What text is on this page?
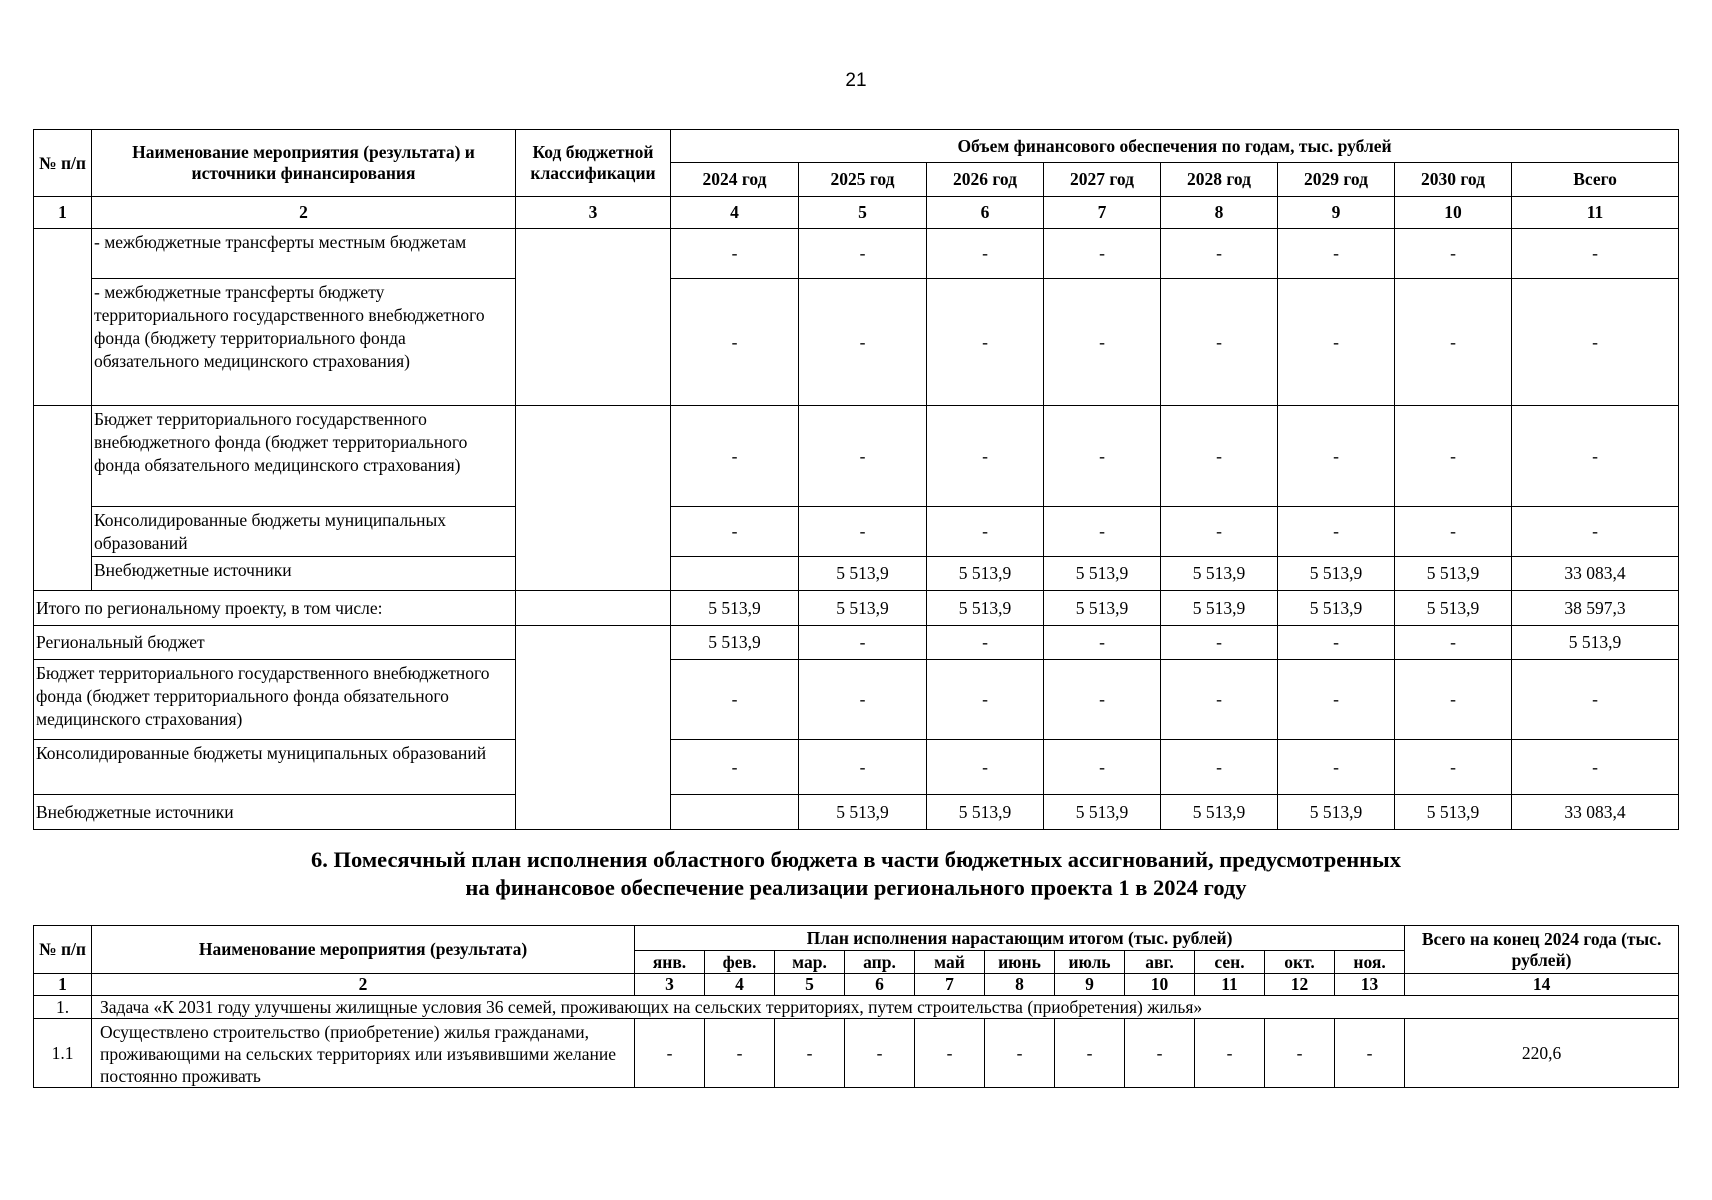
21
№ п/п	Наименование мероприятия (результата) и источники финансирования	Код бюджетной классификации	Объем финансового обеспечения по годам, тыс. рублей							
			2024 год	2025 год	2026 год	2027 год	2028 год	2029 год	2030 год	Всего
1	2	3	4	5	6	7	8	9	10	11
	- межбюджетные трансферты местным бюджетам		-	-	-	-	-	-	-	-
	- межбюджетные трансферты бюджету территориального государственного внебюджетного фонда (бюджету территориального фонда обязательного медицинского страхования)		-	-	-	-	-	-	-	-
	Бюджет территориального государственного внебюджетного фонда (бюджет территориального фонда обязательного медицинского страхования)		-	-	-	-	-	-	-	-
	Консолидированные бюджеты муниципальных образований		-	-	-	-	-	-	-	-
	Внебюджетные источники			5 513,9	5 513,9	5 513,9	5 513,9	5 513,9	5 513,9	33 083,4
Итого по региональному проекту, в том числе:			5 513,9	5 513,9	5 513,9	5 513,9	5 513,9	5 513,9	5 513,9	38 597,3
Региональный бюджет			5 513,9	-	-	-	-	-	-	5 513,9
Бюджет территориального государственного внебюджетного фонда (бюджет территориального фонда обязательного медицинского страхования)			-	-	-	-	-	-	-	-
Консолидированные бюджеты муниципальных образований			-	-	-	-	-	-	-	-
Внебюджетные источники				5 513,9	5 513,9	5 513,9	5 513,9	5 513,9	5 513,9	33 083,4
6. Помесячный план исполнения областного бюджета в части бюджетных ассигнований, предусмотренных
на финансовое обеспечение реализации регионального проекта 1 в 2024 году
№ п/п	Наименование мероприятия (результата)	План исполнения нарастающим итогом (тыс. рублей)											Всего на конец 2024 года (тыс. рублей)
		янв.	фев.	мар.	апр.	май	июнь	июль	авг.	сен.	окт.	ноя.	
1	2	3	4	5	6	7	8	9	10	11	12	13	14
1.	Задача «К 2031 году улучшены жилищные условия 36 семей, проживающих на сельских территориях, путем строительства (приобретения) жилья»												
1.1	Осуществлено строительство (приобретение) жилья гражданами, проживающими на сельских территориях или изъявившими желание постоянно проживать	-	-	-	-	-	-	-	-	-	-	-	220,6
